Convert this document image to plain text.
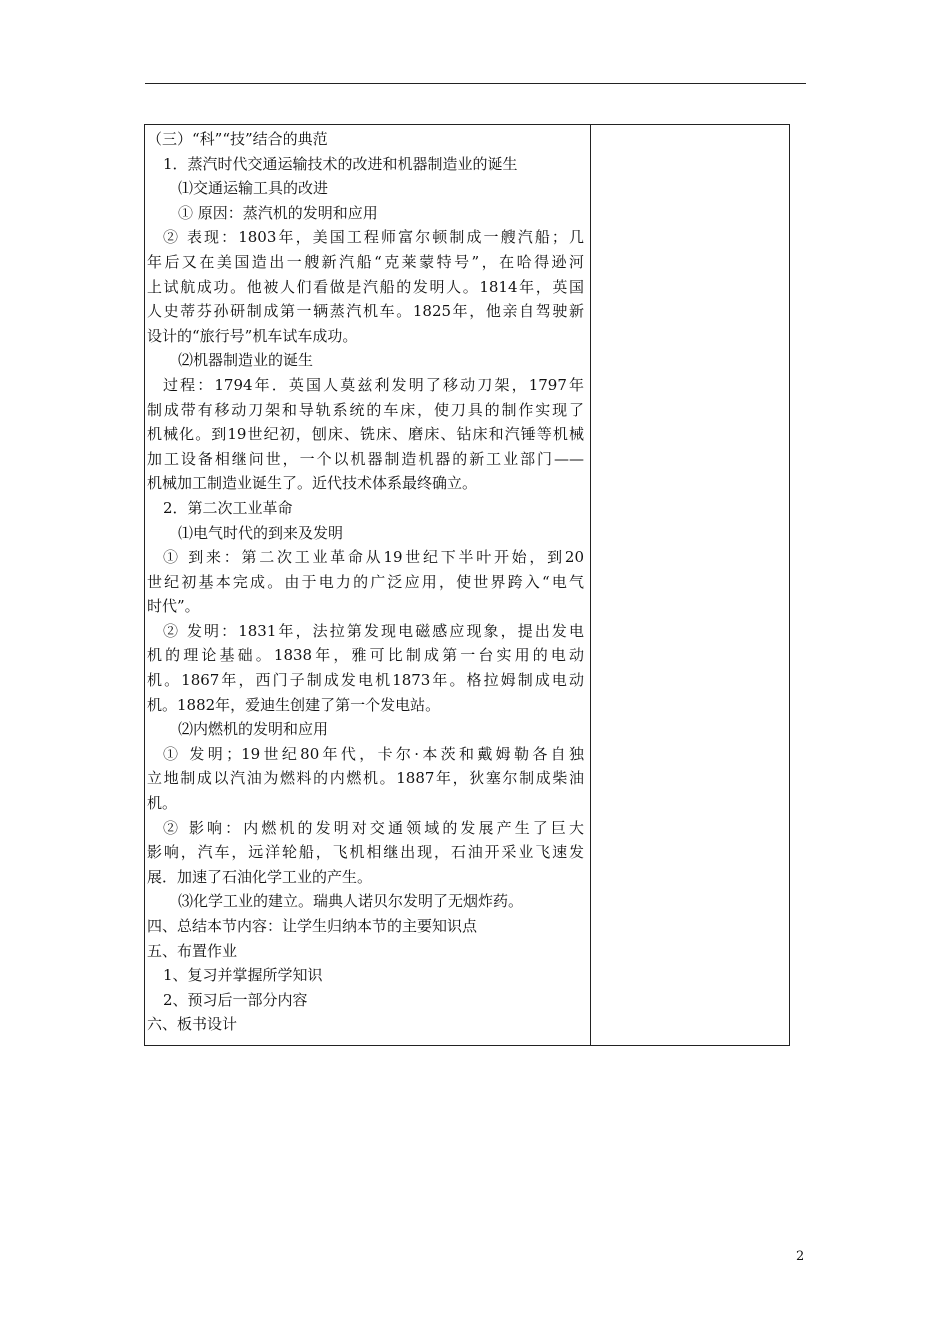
（三）“科”“技”结合的典范
1．蒸汽时代交通运输技术的改进和机器制造业的诞生
⑴交通运输工具的改进
① 原因：蒸汽机的发明和应用
② 表现：1803年，美国工程师富尔顿制成一艘汽船；几
年后又在美国造出一艘新汽船“克莱蒙特号”，在哈得逊河
上试航成功。他被人们看做是汽船的发明人。1814年，英国
人史蒂芬孙研制成第一辆蒸汽机车。1825年，他亲自驾驶新
设计的“旅行号”机车试车成功。
⑵机器制造业的诞生
过程：1794年．英国人莫兹利发明了移动刀架，1797年
制成带有移动刀架和导轨系统的车床，使刀具的制作实现了
机械化。到19世纪初，刨床、铣床、磨床、钻床和汽锤等机械
加工设备相继问世，一个以机器制造机器的新工业部门——
机械加工制造业诞生了。近代技术体系最终确立。
2．第二次工业革命
⑴电气时代的到来及发明
① 到来：第二次工业革命从19世纪下半叶开始，到20
世纪初基本完成。由于电力的广泛应用，使世界跨入“电气
时代”。
② 发明：1831年，法拉第发现电磁感应现象，提出发电
机的理论基础。1838年，雅可比制成第一台实用的电动
机。1867年，西门子制成发电机1873年。格拉姆制成电动
机。1882年，爱迪生创建了第一个发电站。
⑵内燃机的发明和应用
① 发明；19世纪80年代，卡尔·本茨和戴姆勒各自独
立地制成以汽油为燃料的内燃机。1887年，狄塞尔制成柴油
机。
② 影响：内燃机的发明对交通领域的发展产生了巨大
影响，汽车，远洋轮船，飞机相继出现，石油开采业飞速发
展．加速了石油化学工业的产生。
⑶化学工业的建立。瑞典人诺贝尔发明了无烟炸药。
四、总结本节内容：让学生归纳本节的主要知识点
五、布置作业
1、复习并掌握所学知识
2、预习后一部分内容
六、板书设计
2
